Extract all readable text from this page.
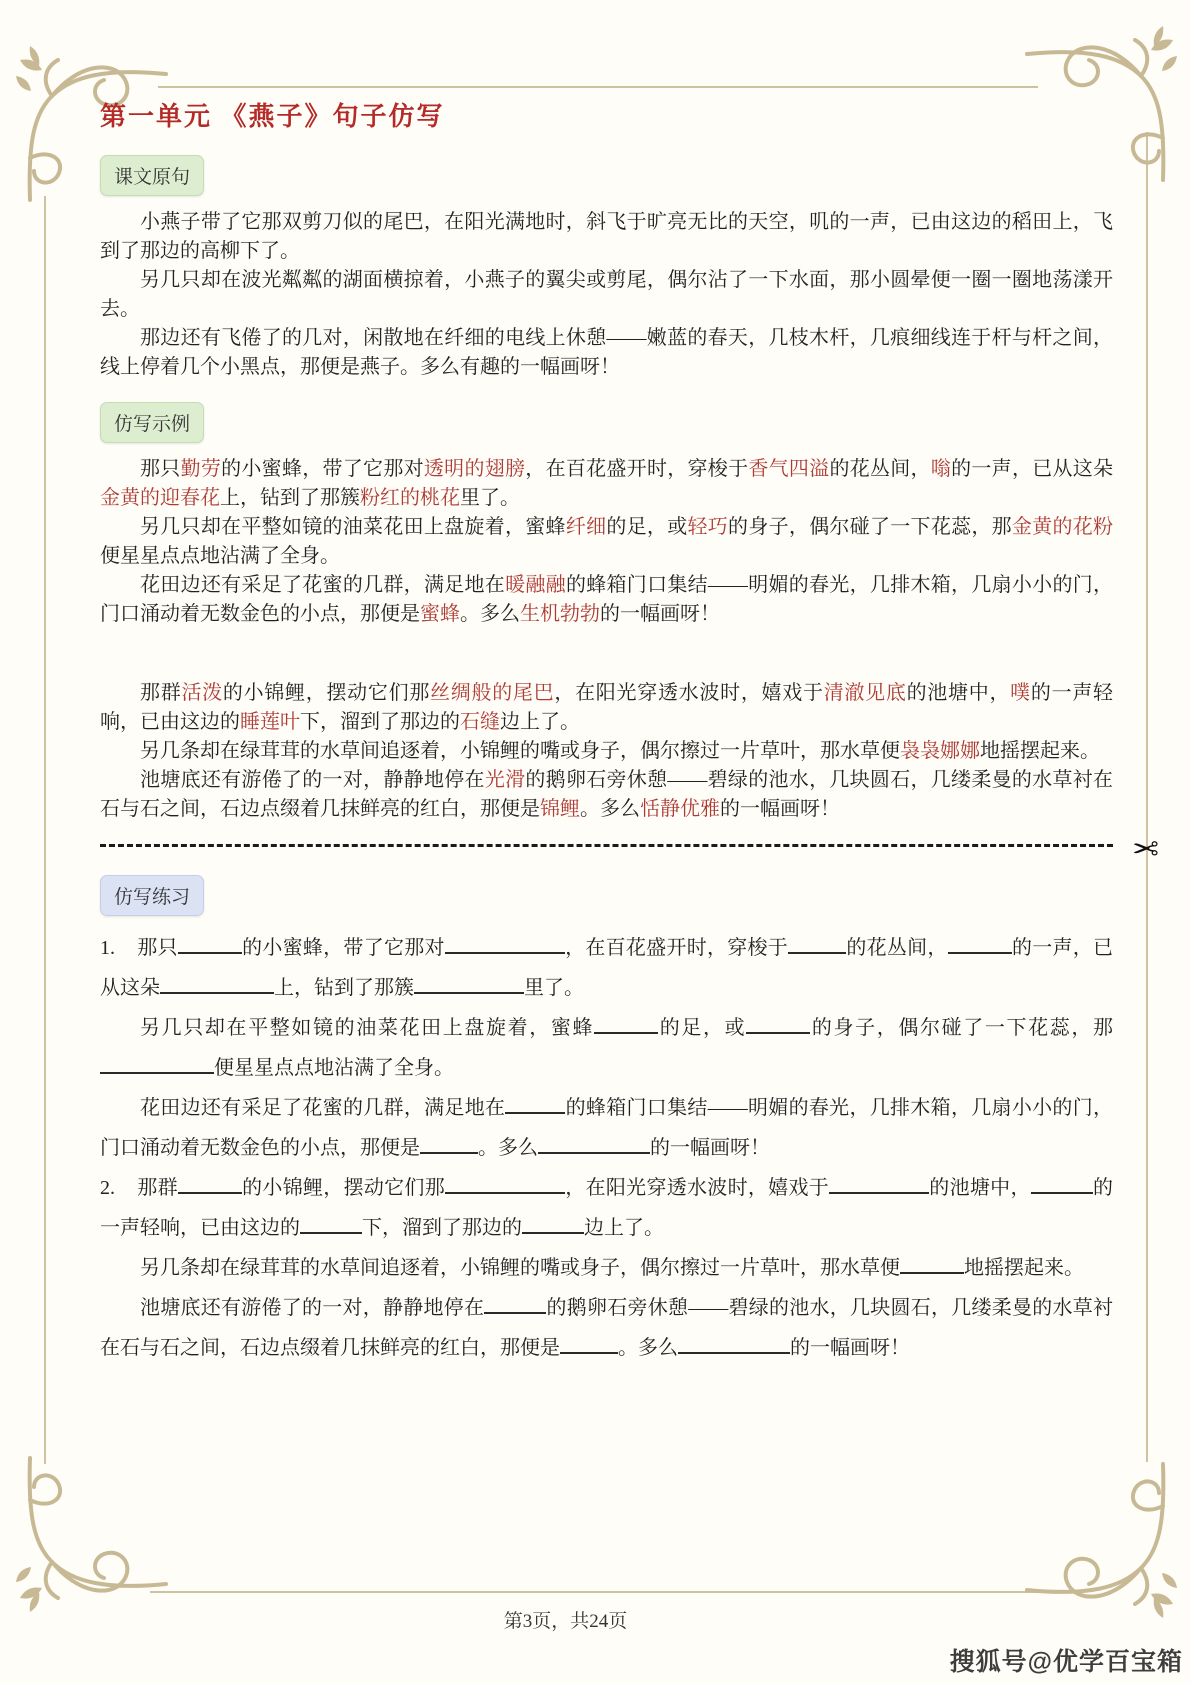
第一单元 《燕子》句子仿写
课文原句

小燕子带了它那双剪刀似的尾巴，在阳光满地时，斜飞于旷亮无比的天空，叽的一声，已由这边的稻田上，飞到了那边的高柳下了。

另几只却在波光粼粼的湖面横掠着，小燕子的翼尖或剪尾，偶尔沾了一下水面，那小圆晕便一圈一圈地荡漾开去。

那边还有飞倦了的几对，闲散地在纤细的电线上休憩——嫩蓝的春天，几枝木杆，几痕细线连于杆与杆之间，线上停着几个小黑点，那便是燕子。多么有趣的一幅画呀！

仿写示例

那只勤劳的小蜜蜂，带了它那对透明的翅膀，在百花盛开时，穿梭于香气四溢的花丛间，嗡的一声，已从这朵金黄的迎春花上，钻到了那簇粉红的桃花里了。

另几只却在平整如镜的油菜花田上盘旋着，蜜蜂纤细的足，或轻巧的身子，偶尔碰了一下花蕊，那金黄的花粉便星星点点地沾满了全身。

花田边还有采足了花蜜的几群，满足地在暖融融的蜂箱门口集结——明媚的春光，几排木箱，几扇小小的门，门口涌动着无数金色的小点，那便是蜜蜂。多么生机勃勃的一幅画呀！

那群活泼的小锦鲤，摆动它们那丝绸般的尾巴，在阳光穿透水波时，嬉戏于清澈见底的池塘中，噗的一声轻响，已由这边的睡莲叶下，溜到了那边的石缝边上了。

另几条却在绿茸茸的水草间追逐着，小锦鲤的嘴或身子，偶尔擦过一片草叶，那水草便袅袅娜娜地摇摆起来。

池塘底还有游倦了的一对，静静地停在光滑的鹅卵石旁休憩——碧绿的池水，几块圆石，几缕柔曼的水草衬在石与石之间，石边点缀着几抹鲜亮的红白，那便是锦鲤。多么恬静优雅的一幅画呀！

✂
仿写练习

1. 那只	的小蜜蜂，带了它那对	，在百花盛开时，穿梭于	的花丛间，	的一声，已从这朵	上，钻到了那簇	里了。

另几只却在平整如镜的油菜花田上盘旋着，蜜蜂	的足，或	的身子，偶尔碰了一下花蕊，那便星星点点地沾满了全身。

花田边还有采足了花蜜的几群，满足地在	的蜂箱门口集结——明媚的春光，几排木箱，几扇小小的门，门口涌动着无数金色的小点，那便是	。多么	的一幅画呀！

2. 那群	的小锦鲤，摆动它们那	，在阳光穿透水波时，嬉戏于	的池塘中，	的一声轻响，已由这边的	下，溜到了那边的	边上了。

另几条却在绿茸茸的水草间追逐着，小锦鲤的嘴或身子，偶尔擦过一片草叶，那水草便	地摇摆起来。

池塘底还有游倦了的一对，静静地停在	的鹅卵石旁休憩——碧绿的池水，几块圆石，几缕柔曼的水草衬在石与石之间，石边点缀着几抹鲜亮的红白，那便是	。多么	的一幅画呀！

第3页，共24页
搜狐号@优学百宝箱
